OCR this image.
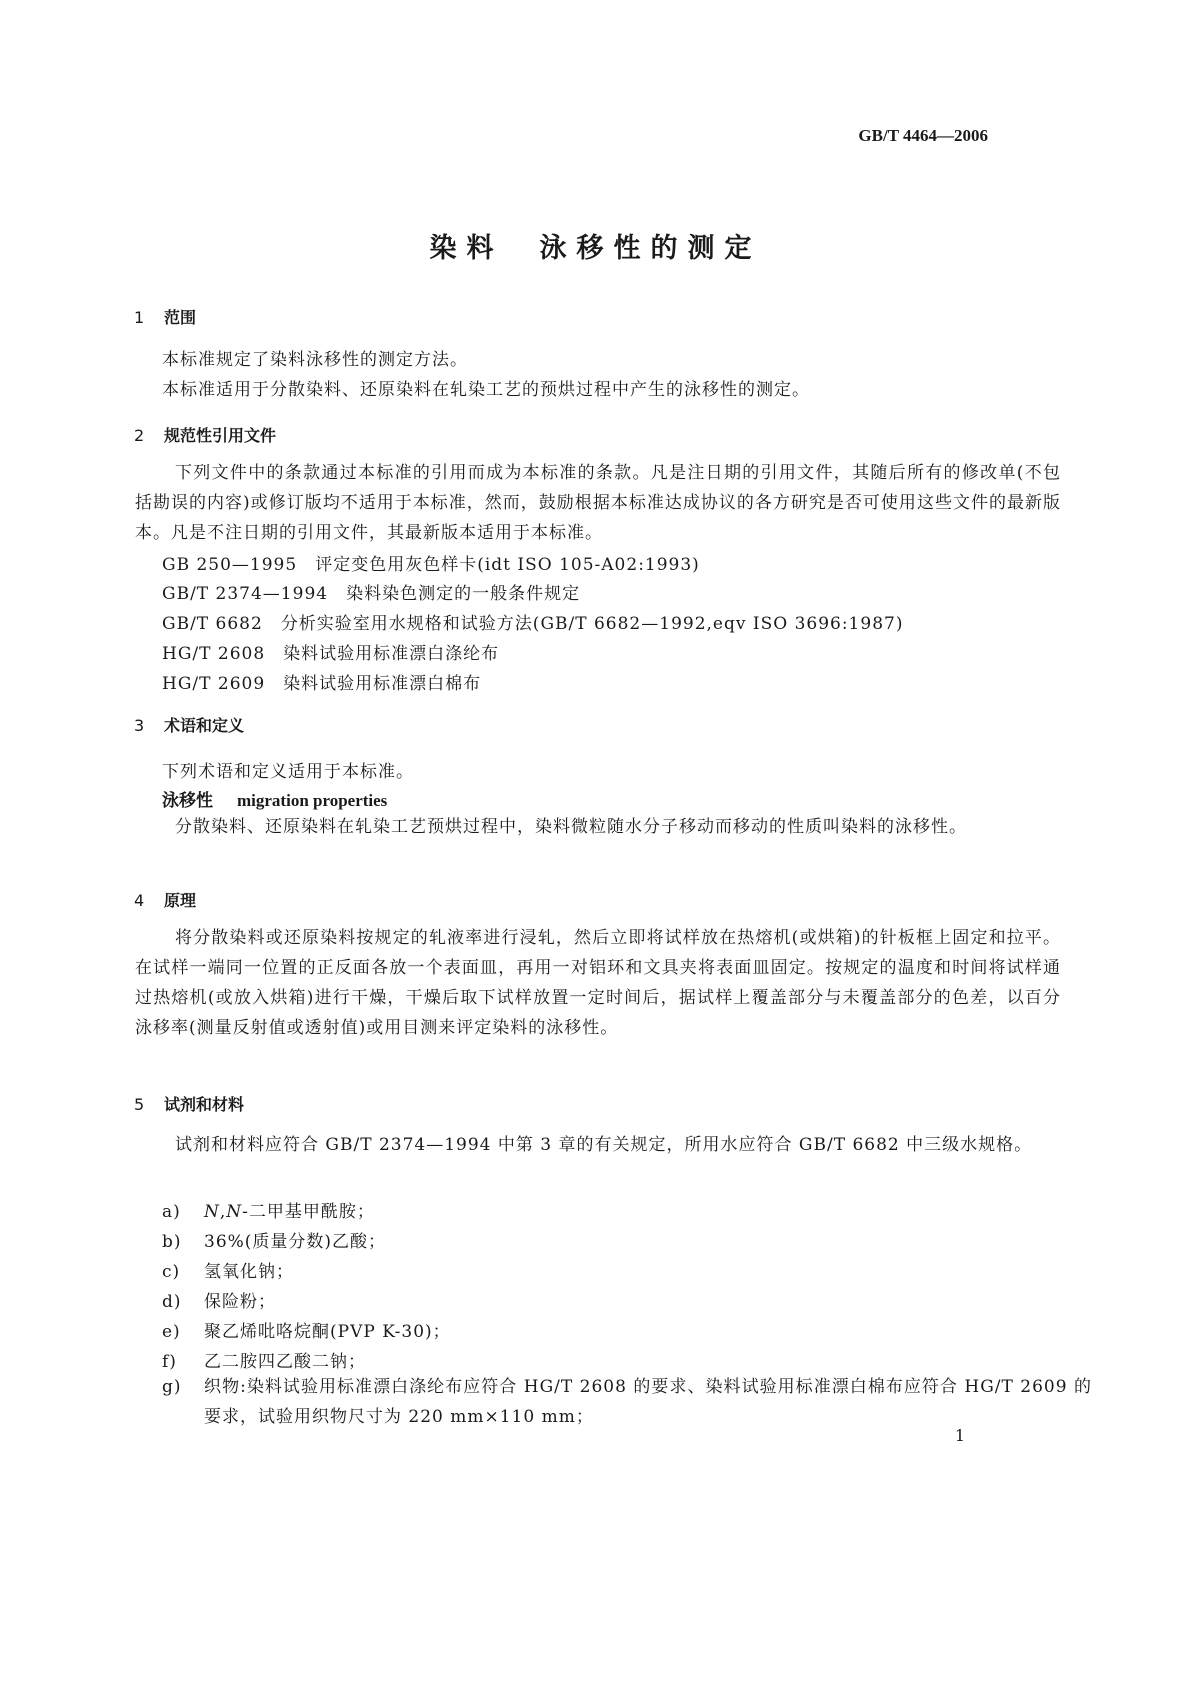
GB/T 4464—2006
染料 泳移性的测定
1 范围
本标准规定了染料泳移性的测定方法。
本标准适用于分散染料、还原染料在轧染工艺的预烘过程中产生的泳移性的测定。
2 规范性引用文件
下列文件中的条款通过本标准的引用而成为本标准的条款。凡是注日期的引用文件，其随后所有的修改单(不包括勘误的内容)或修订版均不适用于本标准，然而，鼓励根据本标准达成协议的各方研究是否可使用这些文件的最新版本。凡是不注日期的引用文件，其最新版本适用于本标准。
GB 250—1995　 评定变色用灰色样卡(idt ISO 105-A02:1993)
GB/T 2374—1994　 染料染色测定的一般条件规定
GB/T 6682　 分析实验室用水规格和试验方法(GB/T 6682—1992,eqv ISO 3696:1987)
HG/T 2608　 染料试验用标准漂白涤纶布
HG/T 2609　 染料试验用标准漂白棉布
3 术语和定义
下列术语和定义适用于本标准。
泳移性 migration properties
分散染料、还原染料在轧染工艺预烘过程中，染料微粒随水分子移动而移动的性质叫染料的泳移性。
4 原理
将分散染料或还原染料按规定的轧液率进行浸轧，然后立即将试样放在热熔机(或烘箱)的针板框上固定和拉平。在试样一端同一位置的正反面各放一个表面皿，再用一对铝环和文具夹将表面皿固定。按规定的温度和时间将试样通过热熔机(或放入烘箱)进行干燥，干燥后取下试样放置一定时间后，据试样上覆盖部分与未覆盖部分的色差，以百分泳移率(测量反射值或透射值)或用目测来评定染料的泳移性。
5 试剂和材料
试剂和材料应符合 GB/T 2374—1994 中第 3 章的有关规定，所用水应符合 GB/T 6682 中三级水规格。
a) N,N-二甲基甲酰胺；
b) 36%(质量分数)乙酸；
c) 氢氧化钠；
d) 保险粉；
e) 聚乙烯吡咯烷酮(PVP K-30)；
f) 乙二胺四乙酸二钠；
g) 织物:染料试验用标准漂白涤纶布应符合 HG/T 2608 的要求、染料试验用标准漂白棉布应符合 HG/T 2609 的要求，试验用织物尺寸为 220 mm×110 mm；
1
